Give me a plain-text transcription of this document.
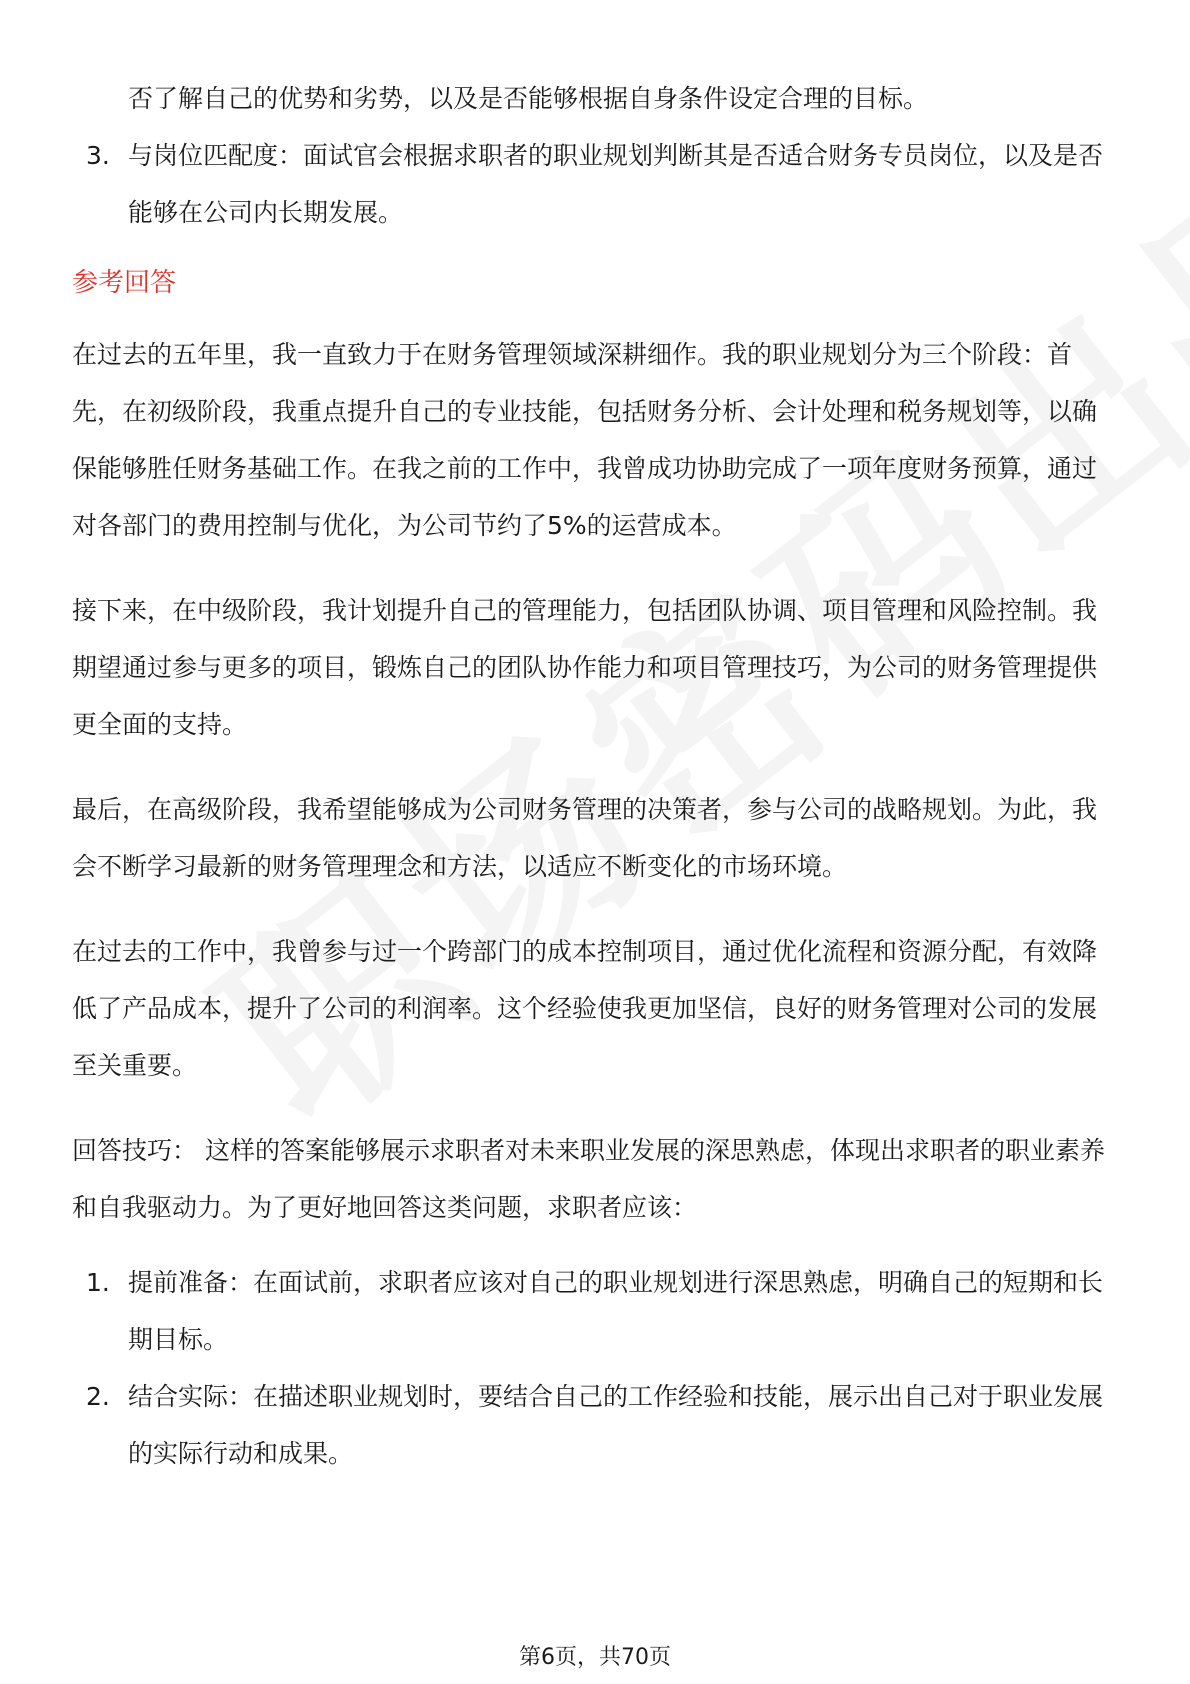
否了解自己的优势和劣势，以及是否能够根据自身条件设定合理的目标。
3. 与岗位匹配度：面试官会根据求职者的职业规划判断其是否适合财务专员岗位，以及是否能够在公司内长期发展。
参考回答

在过去的五年里，我一直致力于在财务管理领域深耕细作。我的职业规划分为三个阶段：首先，在初级阶段，我重点提升自己的专业技能，包括财务分析、会计处理和税务规划等，以确保能够胜任财务基础工作。在我之前的工作中，我曾成功协助完成了一项年度财务预算，通过对各部门的费用控制与优化，为公司节约了5%的运营成本。

接下来，在中级阶段，我计划提升自己的管理能力，包括团队协调、项目管理和风险控制。我期望通过参与更多的项目，锻炼自己的团队协作能力和项目管理技巧，为公司的财务管理提供更全面的支持。

最后，在高级阶段，我希望能够成为公司财务管理的决策者，参与公司的战略规划。为此，我会不断学习最新的财务管理理念和方法，以适应不断变化的市场环境。

在过去的工作中，我曾参与过一个跨部门的成本控制项目，通过优化流程和资源分配，有效降低了产品成本，提升了公司的利润率。这个经验使我更加坚信，良好的财务管理对公司的发展至关重要。

回答技巧： 这样的答案能够展示求职者对未来职业发展的深思熟虑，体现出求职者的职业素养和自我驱动力。为了更好地回答这类问题，求职者应该：

1. 提前准备：在面试前，求职者应该对自己的职业规划进行深思熟虑，明确自己的短期和长期目标。
2. 结合实际：在描述职业规划时，要结合自己的工作经验和技能，展示出自己对于职业发展的实际行动和成果。
第6页，共70页
